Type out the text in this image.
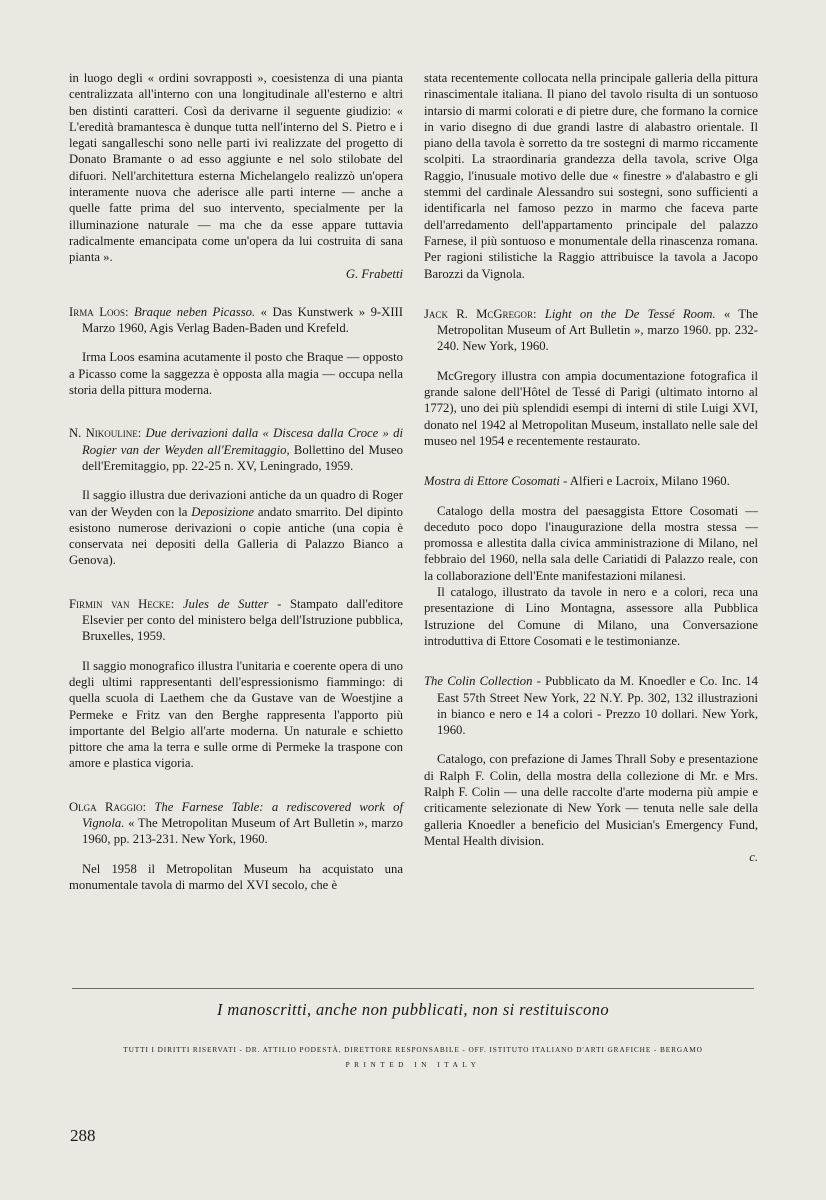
in luogo degli « ordini sovrapposti », coesistenza di una pianta centralizzata all'interno con una longitudinale all'esterno e altri ben distinti caratteri. Così da derivarne il seguente giudizio: « L'eredità bramantesca è dunque tutta nell'interno del S. Pietro e i legati sangalleschi sono nelle parti ivi realizzate del progetto di Donato Bramante o ad esso aggiunte e nel solo stilobate del difuori. Nell'architettura esterna Michelangelo realizzò un'opera interamente nuova che aderisce alle parti interne — anche a quelle fatte prima del suo intervento, specialmente per la illuminazione naturale — ma che da esse appare tuttavia radicalmente emancipata come un'opera da lui costruita di sana pianta ».

G. Frabetti

Irma Loos: Braque neben Picasso. « Das Kunstwerk » 9-XIII Marzo 1960, Agis Verlag Baden-Baden und Krefeld.

Irma Loos esamina acutamente il posto che Braque — opposto a Picasso come la saggezza è opposta alla magia — occupa nella storia della pittura moderna.

N. Nikouline: Due derivazioni dalla « Discesa dalla Croce » di Rogier van der Weyden all'Eremitaggio, Bollettino del Museo dell'Eremitaggio, pp. 22-25 n. XV, Leningrado, 1959.

Il saggio illustra due derivazioni antiche da un quadro di Roger van der Weyden con la Deposizione andato smarrito. Del dipinto esistono numerose derivazioni o copie antiche (una copia è conservata nei depositi della Galleria di Palazzo Bianco a Genova).

Firmin van Hecke: Jules de Sutter - Stampato dall'editore Elsevier per conto del ministero belga dell'Istruzione pubblica, Bruxelles, 1959.

Il saggio monografico illustra l'unitaria e coerente opera di uno degli ultimi rappresentanti dell'espressionismo fiammingo: di quella scuola di Laethem che da Gustave van de Woestjine a Permeke e Fritz van den Berghe rappresenta l'apporto più importante del Belgio all'arte moderna. Un naturale e schietto pittore che ama la terra e sulle orme di Permeke la traspone con amore e plastica vigoria.

Olga Raggio: The Farnese Table: a rediscovered work of Vignola. « The Metropolitan Museum of Art Bulletin », marzo 1960, pp. 213-231. New York, 1960.

Nel 1958 il Metropolitan Museum ha acquistato una monumentale tavola di marmo del XVI secolo, che è

stata recentemente collocata nella principale galleria della pittura rinascimentale italiana. Il piano del tavolo risulta di un sontuoso intarsio di marmi colorati e di pietre dure, che formano la cornice in vario disegno di due grandi lastre di alabastro orientale. Il piano della tavola è sorretto da tre sostegni di marmo riccamente scolpiti. La straordinaria grandezza della tavola, scrive Olga Raggio, l'inusuale motivo delle due « finestre » d'alabastro e gli stemmi del cardinale Alessandro sui sostegni, sono sufficienti a identificarla nel famoso pezzo in marmo che faceva parte dell'arredamento dell'appartamento principale del palazzo Farnese, il più sontuoso e monumentale della rinascenza romana. Per ragioni stilistiche la Raggio attribuisce la tavola a Jacopo Barozzi da Vignola.

Jack R. McGregor: Light on the De Tessé Room. « The Metropolitan Museum of Art Bulletin », marzo 1960. pp. 232-240. New York, 1960.

McGregory illustra con ampia documentazione fotografica il grande salone dell'Hôtel de Tessé di Parigi (ultimato intorno al 1772), uno dei più splendidi esempi di interni di stile Luigi XVI, donato nel 1942 al Metropolitan Museum, installato nelle sale del museo nel 1954 e recentemente restaurato.

Mostra di Ettore Cosomati - Alfieri e Lacroix, Milano 1960.

Catalogo della mostra del paesaggista Ettore Cosomati — deceduto poco dopo l'inaugurazione della mostra stessa — promossa e allestita dalla civica amministrazione di Milano, nel febbraio del 1960, nella sala delle Cariatidi di Palazzo reale, con la collaborazione dell'Ente manifestazioni milanesi.

Il catalogo, illustrato da tavole in nero e a colori, reca una presentazione di Lino Montagna, assessore alla Pubblica Istruzione del Comune di Milano, una Conversazione introduttiva di Ettore Cosomati e le testimonianze.

The Colin Collection - Pubblicato da M. Knoedler e Co. Inc. 14 East 57th Street New York, 22 N.Y. Pp. 302, 132 illustrazioni in bianco e nero e 14 a colori - Prezzo 10 dollari. New York, 1960.

Catalogo, con prefazione di James Thrall Soby e presentazione di Ralph F. Colin, della mostra della collezione di Mr. e Mrs. Ralph F. Colin — una delle raccolte d'arte moderna più ampie e criticamente selezionate di New York — tenuta nelle sale della galleria Knoedler a beneficio del Musician's Emergency Fund, Mental Health division.

c.

I manoscritti, anche non pubblicati, non si restituiscono
TUTTI I DIRITTI RISERVATI - DR. ATTILIO PODESTÀ, DIRETTORE RESPONSABILE - OFF. ISTITUTO ITALIANO D'ARTI GRAFICHE - BERGAMO
PRINTED IN ITALY
288
